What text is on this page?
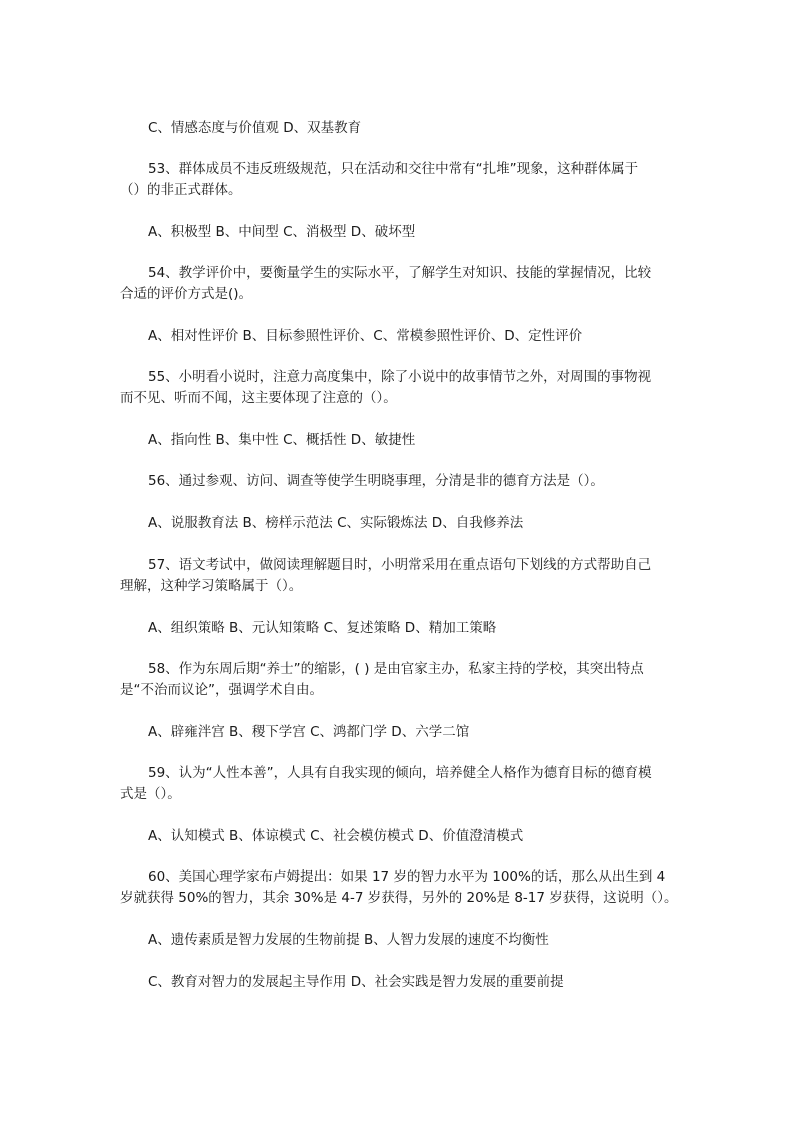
C、情感态度与价值观 D、双基教育
53、群体成员不违反班级规范，只在活动和交往中常有“扎堆”现象，这种群体属于
（）的非正式群体。
A、积极型 B、中间型 C、消极型 D、破坏型
54、教学评价中，要衡量学生的实际水平，了解学生对知识、技能的掌握情况，比较
合适的评价方式是()。
A、相对性评价 B、目标参照性评价、C、常模参照性评价、D、定性评价
55、小明看小说时，注意力高度集中，除了小说中的故事情节之外，对周围的事物视
而不见、听而不闻，这主要体现了注意的（）。
A、指向性 B、集中性 C、概括性 D、敏捷性
56、通过参观、访问、调查等使学生明晓事理，分清是非的德育方法是（）。
A、说服教育法 B、榜样示范法 C、实际锻炼法 D、自我修养法
57、语文考试中，做阅读理解题目时，小明常采用在重点语句下划线的方式帮助自己
理解，这种学习策略属于（）。
A、组织策略 B、元认知策略 C、复述策略 D、精加工策略
58、作为东周后期“养士”的缩影，( ) 是由官家主办，私家主持的学校，其突出特点
是“不治而议论”，强调学术自由。
A、辟雍泮宫 B、稷下学宫 C、鸿都门学 D、六学二馆
59、认为“人性本善”，人具有自我实现的倾向，培养健全人格作为德育目标的德育模
式是（）。
A、认知模式 B、体谅模式 C、社会模仿模式 D、价值澄清模式
60、美国心理学家布卢姆提出：如果 17 岁的智力水平为 100%的话，那么从出生到 4
岁就获得 50%的智力，其余 30%是 4-7 岁获得，另外的 20%是 8-17 岁获得，这说明（）。
A、遗传素质是智力发展的生物前提 B、人智力发展的速度不均衡性
C、教育对智力的发展起主导作用 D、社会实践是智力发展的重要前提
